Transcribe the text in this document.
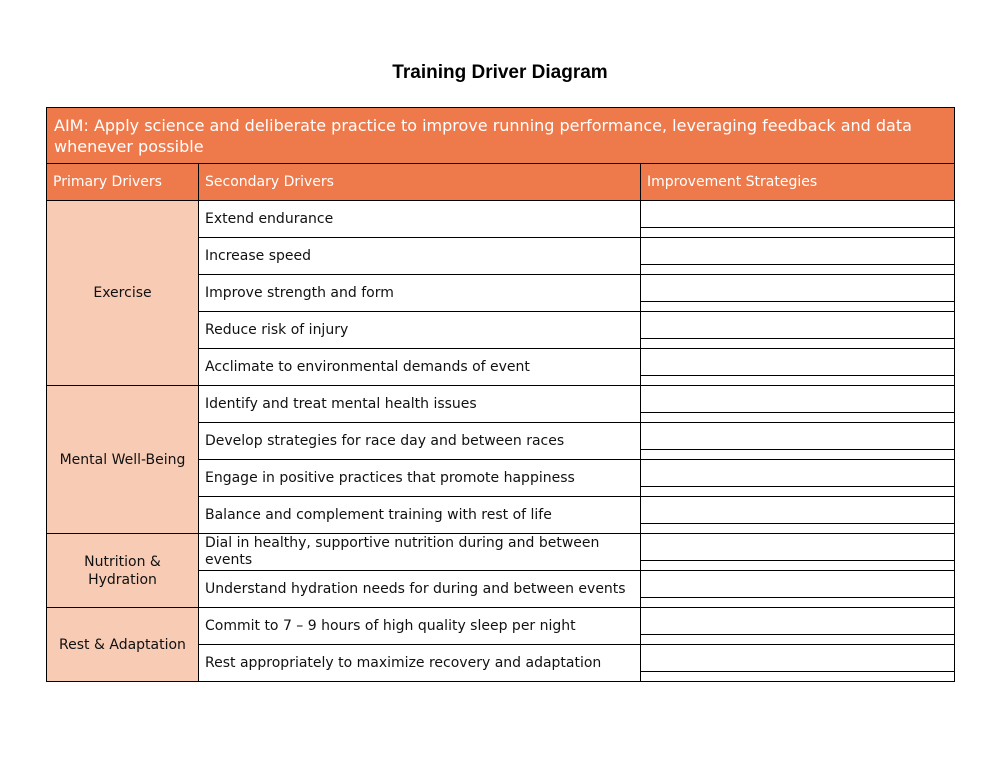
Training Driver Diagram
AIM: Apply science and deliberate practice to improve running performance, leveraging feedback and data whenever possible		
Primary Drivers	Secondary Drivers	Improvement Strategies
Exercise	Extend endurance	

	Increase speed	

	Improve strength and form	

	Reduce risk of injury	

	Acclimate to environmental demands of event	

Mental Well-Being	Identify and treat mental health issues	

	Develop strategies for race day and between races	

	Engage in positive practices that promote happiness	

	Balance and complement training with rest of life	

Nutrition & Hydration	Dial in healthy, supportive nutrition during and between events	

	Understand hydration needs for during and between events	

Rest & Adaptation	Commit to 7 – 9 hours of high quality sleep per night	

	Rest appropriately to maximize recovery and adaptation	
